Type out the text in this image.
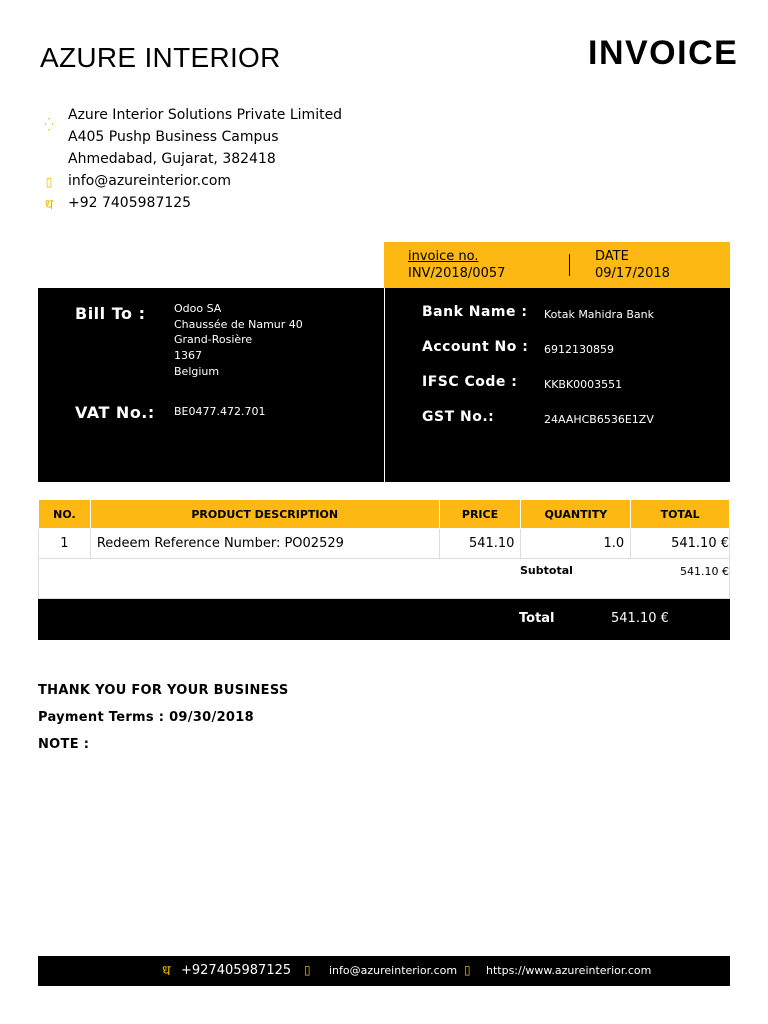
AZURE INTERIOR	INVOICE
⁛
Azure Interior Solutions Private Limited
A405 Pushp Business Campus
Ahmedabad, Gujarat, 382418
▯	info@azureinterior.com
ध	+92 7405987125
invoice no.
INV/2018/0057
DATE
09/17/2018
Bill To :	Odoo SA
Chaussée de Namur 40
Grand-Rosière
1367
Belgium
VAT No.: BE0477.472.701
Bank Name : Kotak Mahidra Bank
Account No : 6912130859
IFSC Code : KKBK0003551
GST No.:	24AAHCB6536E1ZV
NO.	PRODUCT DESCRIPTION	PRICE	QUANTITY	TOTAL
1	Redeem Reference Number: PO02529	541.10	1.0	541.10 €
Subtotal	541.10 €
Total	541.10 €
THANK YOU FOR YOUR BUSINESS
Payment Terms : 09/30/2018
NOTE :
ध +927405987125 ▯ info@azureinterior.com ▯ https://www.azureinterior.com
